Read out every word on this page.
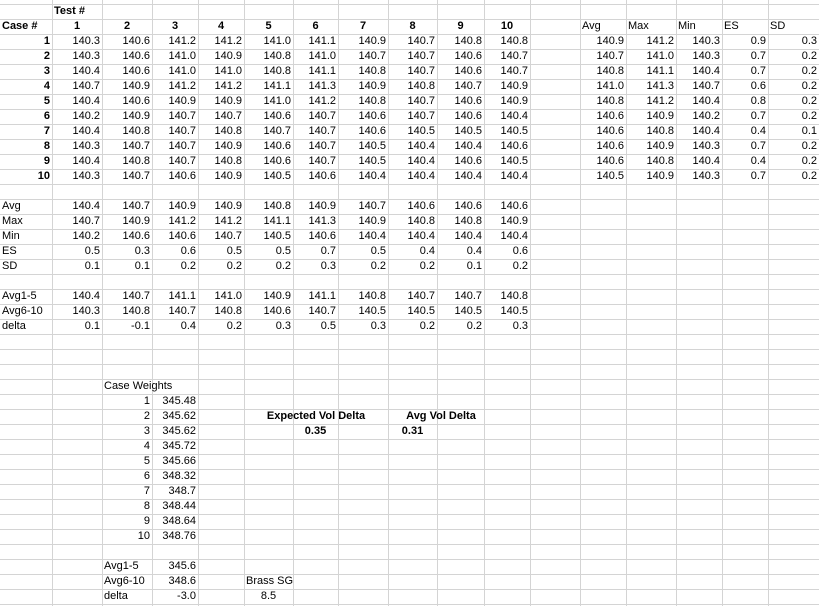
Test #
Case #	1	2	3	4	5	6	7	8	9	10
1	140.3	140.6	141.2	141.2	141.0	141.1	140.9	140.7	140.8	140.8
2	140.3	140.6	141.0	140.9	140.8	141.0	140.7	140.7	140.6	140.7
3	140.4	140.6	141.0	141.0	140.8	141.1	140.8	140.7	140.6	140.7
4	140.7	140.9	141.2	141.2	141.1	141.3	140.9	140.8	140.7	140.9
5	140.4	140.6	140.9	140.9	141.0	141.2	140.8	140.7	140.6	140.9
6	140.2	140.9	140.7	140.7	140.6	140.7	140.6	140.7	140.6	140.4
7	140.4	140.8	140.7	140.8	140.7	140.7	140.6	140.5	140.5	140.5
8	140.3	140.7	140.7	140.9	140.6	140.7	140.5	140.4	140.4	140.6
9	140.4	140.8	140.7	140.8	140.6	140.7	140.5	140.4	140.6	140.5
10	140.3	140.7	140.6	140.9	140.5	140.6	140.4	140.4	140.4	140.4
Avg	Max	Min	ES	SD
140.9	141.2	140.3	0.9	0.3
140.7	141.0	140.3	0.7	0.2
140.8	141.1	140.4	0.7	0.2
141.0	141.3	140.7	0.6	0.2
140.8	141.2	140.4	0.8	0.2
140.6	140.9	140.2	0.7	0.2
140.6	140.8	140.4	0.4	0.1
140.6	140.9	140.3	0.7	0.2
140.6	140.8	140.4	0.4	0.2
140.5	140.9	140.3	0.7	0.2
Avg	140.4	140.7	140.9	140.9	140.8	140.9	140.7	140.6	140.6	140.6
Max	140.7	140.9	141.2	141.2	141.1	141.3	140.9	140.8	140.8	140.9
Min	140.2	140.6	140.6	140.7	140.5	140.6	140.4	140.4	140.4	140.4
ES	0.5	0.3	0.6	0.5	0.5	0.7	0.5	0.4	0.4	0.6
SD	0.1	0.1	0.2	0.2	0.2	0.3	0.2	0.2	0.1	0.2
Avg1-5	140.4	140.7	141.1	141.0	140.9	141.1	140.8	140.7	140.7	140.8
Avg6-10	140.3	140.8	140.7	140.8	140.6	140.7	140.5	140.5	140.5	140.5
delta	0.1	-0.1	0.4	0.2	0.3	0.5	0.3	0.2	0.2	0.3
Case Weights
1	345.48
2	345.62
3	345.62
4	345.72
5	345.66
6	348.32
7	348.7
8	348.44
9	348.64
10	348.76
Avg1-5	345.6
Avg6-10	348.6
delta	-3.0
Expected Vol Delta
0.35
Avg Vol Delta
0.31
Brass SG
8.5
